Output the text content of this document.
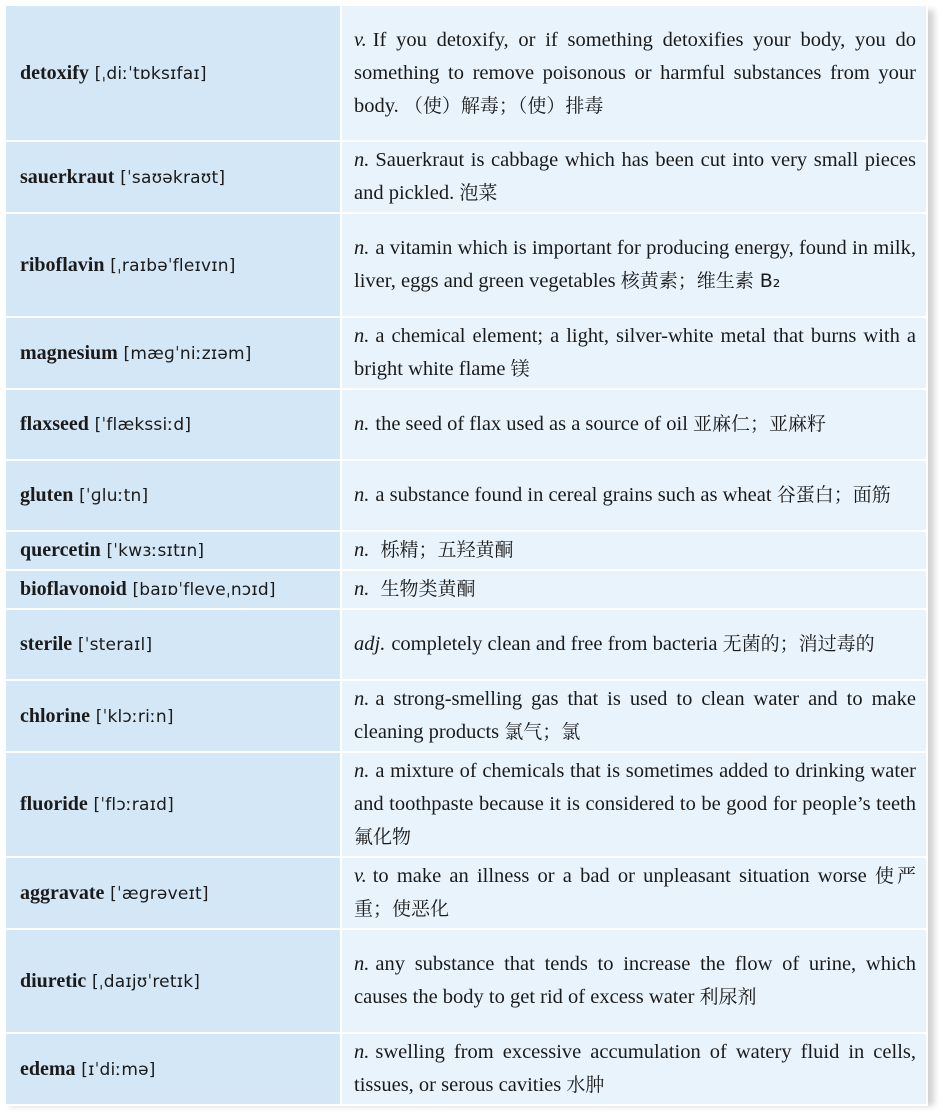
detoxify [ˌdiːˈtɒksɪfaɪ]	v. If you detoxify, or if something detoxifies your body, you do something to remove poisonous or harmful substances from your body. （使）解毒；（使）排毒
sauerkraut [ˈsaʊəkraʊt]	n. Sauerkraut is cabbage which has been cut into very small pieces and pickled. 泡菜
riboflavin [ˌraɪbəˈfleɪvɪn]	n. a vitamin which is important for producing energy, found in milk, liver, eggs and green vegetables 核黄素；维生素 B₂
magnesium [mæɡˈniːzɪəm]	n. a chemical element; a light, silver-white metal that burns with a bright white flame 镁
flaxseed [ˈflækssiːd]	n. the seed of flax used as a source of oil 亚麻仁；亚麻籽
gluten [ˈɡluːtn]	n. a substance found in cereal grains such as wheat 谷蛋白；面筋
quercetin [ˈkwɜːsɪtɪn]	n. 栎精；五羟黄酮
bioflavonoid [baɪɒˈfleveˌnɔɪd]	n. 生物类黄酮
sterile [ˈsteraɪl]	adj. completely clean and free from bacteria 无菌的；消过毒的
chlorine [ˈklɔːriːn]	n. a strong-smelling gas that is used to clean water and to make cleaning products 氯气；氯
fluoride [ˈflɔːraɪd]	n. a mixture of chemicals that is sometimes added to drinking water and toothpaste because it is considered to be good for people’s teeth 氟化物
aggravate [ˈæɡrəveɪt]	v. to make an illness or a bad or unpleasant situation worse 使严重；使恶化
diuretic [ˌdaɪjʊˈretɪk]	n. any substance that tends to increase the flow of urine, which causes the body to get rid of excess water 利尿剂
edema [ɪˈdiːmə]	n. swelling from excessive accumulation of watery fluid in cells, tissues, or serous cavities 水肿
